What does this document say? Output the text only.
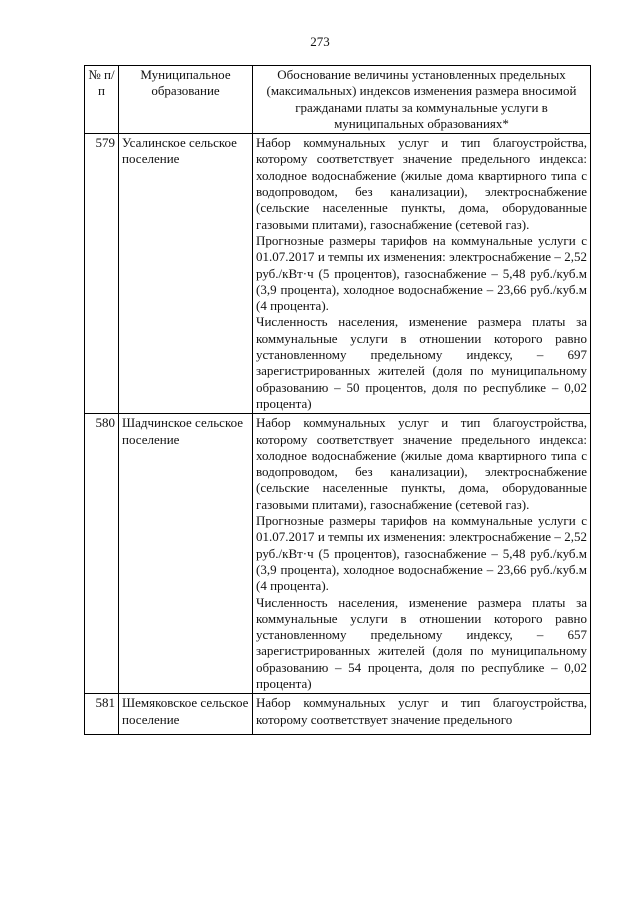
273
№ п/п	Муниципальное образование	Обоснование величины установленных предельных (максимальных) индексов изменения размера вносимой гражданами платы за коммунальные услуги в муниципальных образованиях*
579	Усалинское сельское поселение	Набор коммунальных услуг и тип благоустройства, которому соответствует значение предельного индекса: холодное водоснабжение (жилые дома квартирного типа с водопроводом, без канализации), электроснабжение (сельские населенные пункты, дома, оборудованные газовыми плитами), газоснабжение (сетевой газ).

Прогнозные размеры тарифов на коммунальные услуги с 01.07.2017 и темпы их изменения: электроснабжение – 2,52 руб./кВт·ч (5 процентов), газоснабжение – 5,48 руб./куб.м (3,9 процента), холодное водоснабжение – 23,66 руб./куб.м (4 процента).

Численность населения, изменение размера платы за коммунальные услуги в отношении которого равно установленному предельному индексу, – 697 зарегистрированных жителей (доля по муниципальному образованию – 50 процентов, доля по республике – 0,02 процента)

580	Шадчинское сельское поселение	Набор коммунальных услуг и тип благоустройства, которому соответствует значение предельного индекса: холодное водоснабжение (жилые дома квартирного типа с водопроводом, без канализации), электроснабжение (сельские населенные пункты, дома, оборудованные газовыми плитами), газоснабжение (сетевой газ).

Прогнозные размеры тарифов на коммунальные услуги с 01.07.2017 и темпы их изменения: электроснабжение – 2,52 руб./кВт·ч (5 процентов), газоснабжение – 5,48 руб./куб.м (3,9 процента), холодное водоснабжение – 23,66 руб./куб.м (4 процента).

Численность населения, изменение размера платы за коммунальные услуги в отношении которого равно установленному предельному индексу, – 657 зарегистрированных жителей (доля по муниципальному образованию – 54 процента, доля по республике – 0,02 процента)

581	Шемяковское сельское поселение	Набор коммунальных услуг и тип благоустройства, которому соответствует значение предельного
